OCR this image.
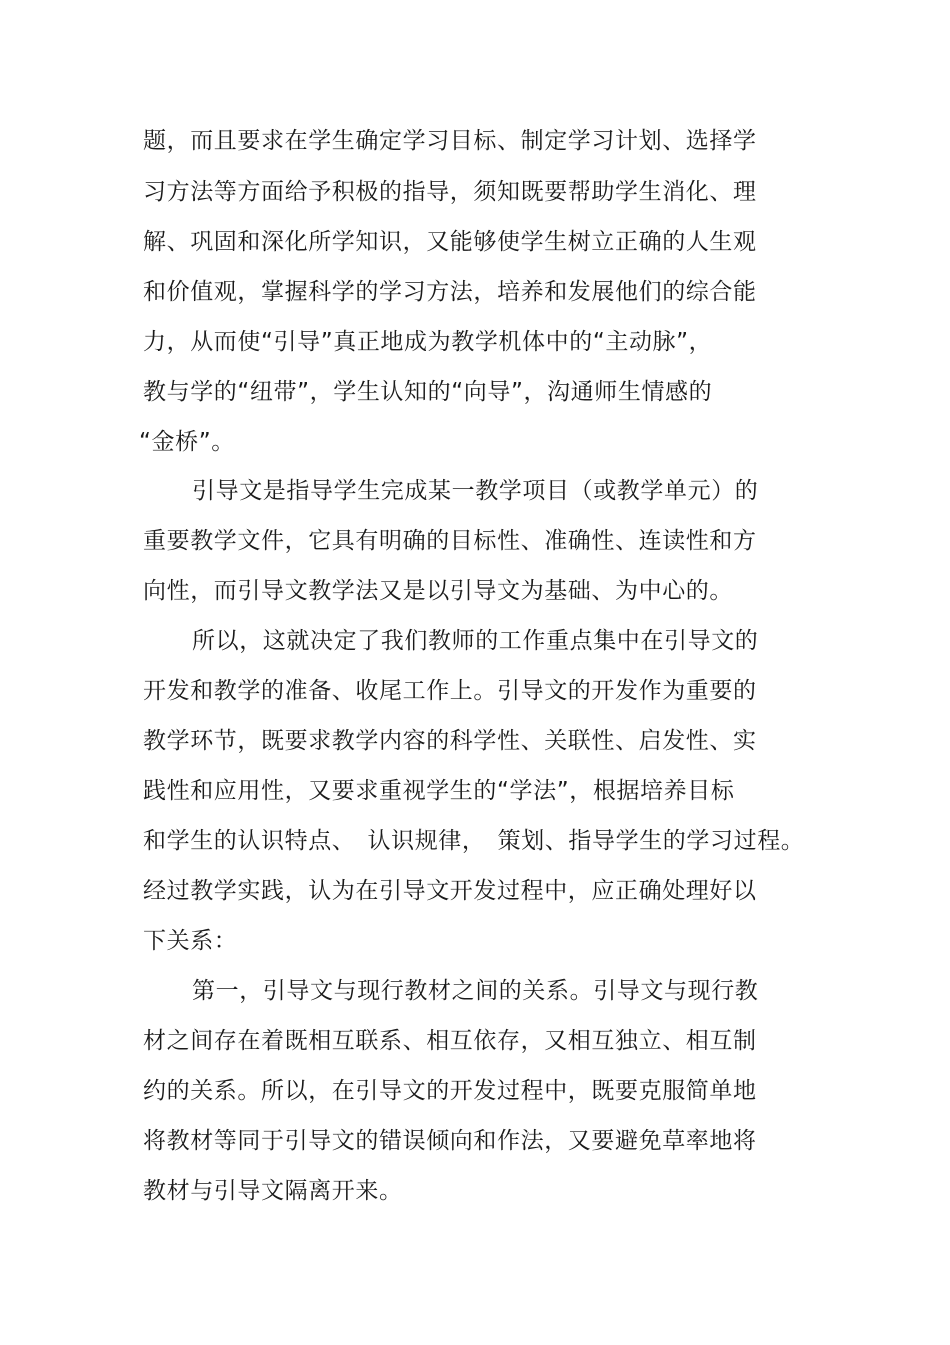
题，而且要求在学生确定学习目标、制定学习计划、选择学
习方法等方面给予积极的指导，须知既要帮助学生消化、理
解、巩固和深化所学知识，又能够使学生树立正确的人生观
和价值观，掌握科学的学习方法，培养和发展他们的综合能
力，从而使“引导”真正地成为教学机体中的“主动脉”，
教与学的“纽带”，学生认知的“向导”，沟通师生情感的
“金桥”。
引导文是指导学生完成某一教学项目（或教学单元）的
重要教学文件，它具有明确的目标性、准确性、连读性和方
向性，而引导文教学法又是以引导文为基础、为中心的。
所以，这就决定了我们教师的工作重点集中在引导文的
开发和教学的准备、收尾工作上。引导文的开发作为重要的
教学环节，既要求教学内容的科学性、关联性、启发性、实
践性和应用性，又要求重视学生的“学法”，根据培养目标
和学生的认识特点、　认识规律，　策划、指导学生的学习过程。
经过教学实践，认为在引导文开发过程中，应正确处理好以
下关系：
第一，引导文与现行教材之间的关系。引导文与现行教
材之间存在着既相互联系、相互依存，又相互独立、相互制
约的关系。所以，在引导文的开发过程中，既要克服简单地
将教材等同于引导文的错误倾向和作法，又要避免草率地将
教材与引导文隔离开来。
